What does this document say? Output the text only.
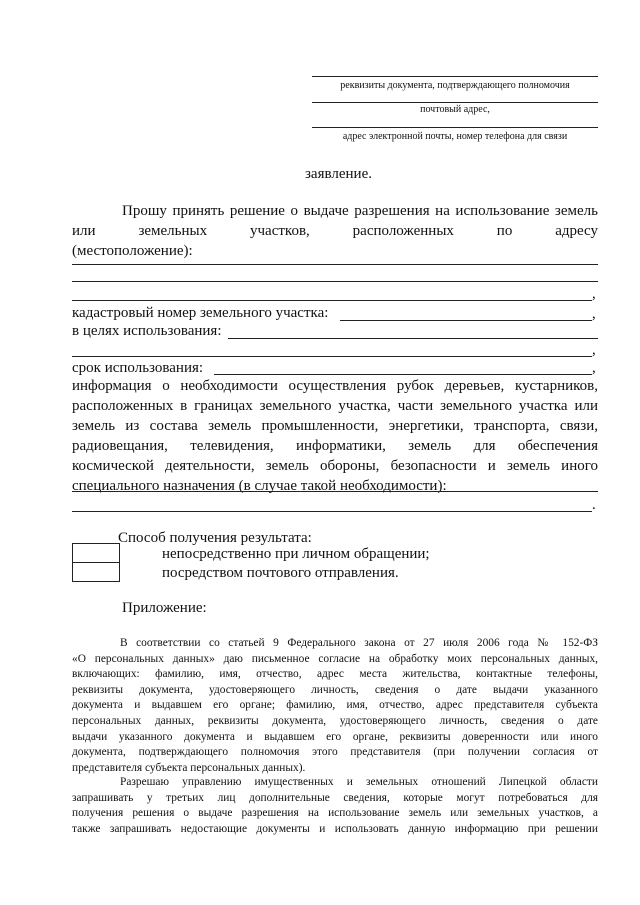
реквизиты документа, подтверждающего полномочия
почтовый адрес,
адрес электронной почты, номер телефона для связи
заявление.

Прошу принять решение о выдаче разрешения на использование земель

или земельных участков, расположенных по адресу

(местоположение):

,
кадастровый номер земельного участка:	,
в целях использования:
,
срок использования:	,

информация о необходимости осуществления рубок деревьев, кустарников,

расположенных в границах земельного участка, части земельного участка или

земель из состава земель промышленности, энергетики, транспорта, связи,

радиовещания, телевидения, информатики, земель для обеспечения

космической деятельности, земель обороны, безопасности и земель иного

специального назначения (в случае такой необходимости):

.
Способ получения результата:
непосредственно при личном обращении;
посредством почтового отправления.
Приложение:

В соответствии со статьей 9 Федерального закона от 27 июля 2006 года № 152-ФЗ

«О персональных данных» даю письменное согласие на обработку моих персональных данных,

включающих: фамилию, имя, отчество, адрес места жительства, контактные телефоны,

реквизиты документа, удостоверяющего личность, сведения о дате выдачи указанного

документа и выдавшем его органе; фамилию, имя, отчество, адрес представителя субъекта

персональных данных, реквизиты документа, удостоверяющего личность, сведения о дате

выдачи указанного документа и выдавшем его органе, реквизиты доверенности или иного

документа, подтверждающего полномочия этого представителя (при получении согласия от

представителя субъекта персональных данных).

Разрешаю управлению имущественных и земельных отношений Липецкой области

запрашивать у третьих лиц дополнительные сведения, которые могут потребоваться для

получения решения о выдаче разрешения на использование земель или земельных участков, а

также запрашивать недостающие документы и использовать данную информацию при решении
